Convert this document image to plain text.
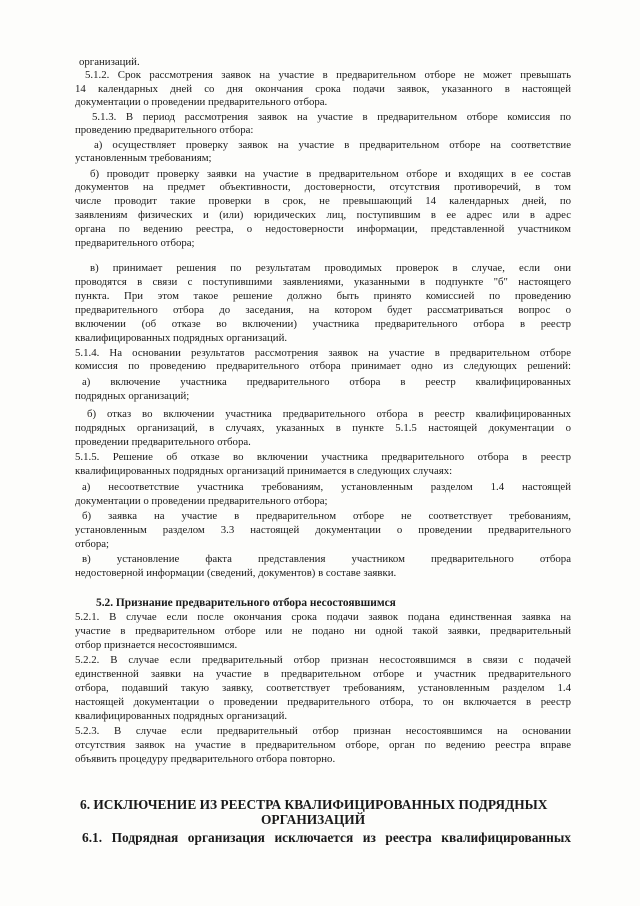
организаций.
5.1.2. Срок рассмотрения заявок на участие в предварительном отборе не может превышать
14 календарных дней со дня окончания срока подачи заявок, указанного в настоящей
документации о проведении предварительного отбора.
5.1.3. В период рассмотрения заявок на участие в предварительном отборе комиссия по
проведению предварительного отбора:
а) осуществляет проверку заявок на участие в предварительном отборе на соответствие
установленным требованиям;
б) проводит проверку заявки на участие в предварительном отборе и входящих в ее состав
документов на предмет объективности, достоверности, отсутствия противоречий, в том
числе проводит такие проверки в срок, не превышающий 14 календарных дней, по
заявлениям физических и (или) юридических лиц, поступившим в ее адрес или в адрес
органа по ведению реестра, о недостоверности информации, представленной участником
предварительного отбора;
в) принимает решения по результатам проводимых проверок в случае, если они
проводятся в связи с поступившими заявлениями, указанными в подпункте "б" настоящего
пункта. При этом такое решение должно быть принято комиссией по проведению
предварительного отбора до заседания, на котором будет рассматриваться вопрос о
включении (об отказе во включении) участника предварительного отбора в реестр
квалифицированных подрядных организаций.
5.1.4. На основании результатов рассмотрения заявок на участие в предварительном отборе
комиссия по проведению предварительного отбора принимает одно из следующих решений:
а) включение участника предварительного отбора в реестр квалифицированных
подрядных организаций;
б) отказ во включении участника предварительного отбора в реестр квалифицированных
подрядных организаций, в случаях, указанных в пункте 5.1.5 настоящей документации о
проведении предварительного отбора.
5.1.5. Решение об отказе во включении участника предварительного отбора в реестр
квалифицированных подрядных организаций принимается в следующих случаях:
а) несоответствие участника требованиям, установленным разделом 1.4 настоящей
документации о проведении предварительного отбора;
б) заявка на участие в предварительном отборе не соответствует требованиям,
установленным разделом 3.3 настоящей документации о проведении предварительного
отбора;
в) установление факта представления участником предварительного отбора
недостоверной информации (сведений, документов) в составе заявки.
5.2. Признание предварительного отбора несостоявшимся
5.2.1. В случае если после окончания срока подачи заявок подана единственная заявка на
участие в предварительном отборе или не подано ни одной такой заявки, предварительный
отбор признается несостоявшимся.
5.2.2. В случае если предварительный отбор признан несостоявшимся в связи с подачей
единственной заявки на участие в предварительном отборе и участник предварительного
отбора, подавший такую заявку, соответствует требованиям, установленным разделом 1.4
настоящей документации о проведении предварительного отбора, то он включается в реестр
квалифицированных подрядных организаций.
5.2.3. В случае если предварительный отбор признан несостоявшимся на основании
отсутствия заявок на участие в предварительном отборе, орган по ведению реестра вправе
объявить процедуру предварительного отбора повторно.
6. ИСКЛЮЧЕНИЕ ИЗ РЕЕСТРА КВАЛИФИЦИРОВАННЫХ ПОДРЯДНЫХ
ОРГАНИЗАЦИЙ
6.1. Подрядная организация исключается из реестра квалифицированных
